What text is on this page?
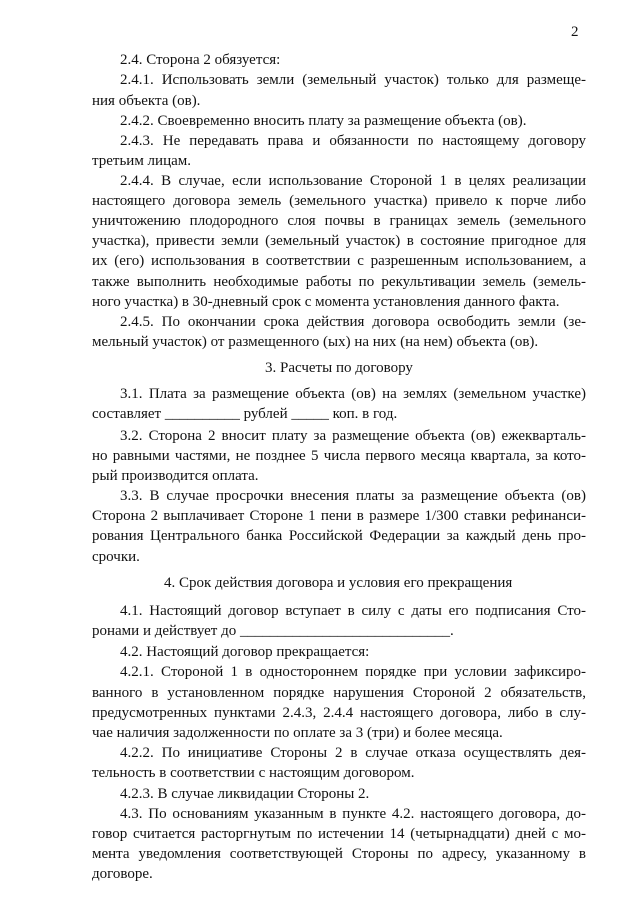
2
2.4. Сторона 2 обязуется:
2.4.1. Использовать земли (земельный участок) только для размеще-
ния объекта (ов).
2.4.2. Своевременно вносить плату за размещение объекта (ов).
2.4.3. Не передавать права и обязанности по настоящему договору
третьим лицам.
2.4.4. В случае, если использование Стороной 1 в целях реализации
настоящего договора земель (земельного участка) привело к порче либо
уничтожению плодородного слоя почвы в границах земель (земельного
участка), привести земли (земельный участок) в состояние пригодное для
их (его) использования в соответствии с разрешенным использованием, а
также выполнить необходимые работы по рекультивации земель (земель-
ного участка) в 30-дневный срок с момента установления данного факта.
2.4.5. По окончании срока действия договора освободить земли (зе-
мельный участок) от размещенного (ых) на них (на нем) объекта (ов).
3. Расчеты по договору
3.1. Плата за размещение объекта (ов) на землях (земельном участке)
составляет __________ рублей _____ коп. в год.
3.2. Сторона 2 вносит плату за размещение объекта (ов) ежекварталь-
но равными частями, не позднее 5 числа первого месяца квартала, за кото-
рый производится оплата.
3.3. В случае просрочки внесения платы за размещение объекта (ов)
Сторона 2 выплачивает Стороне 1 пени в размере 1/300 ставки рефинанси-
рования Центрального банка Российской Федерации за каждый день про-
срочки.
4. Срок действия договора и условия его прекращения
4.1. Настоящий договор вступает в силу с даты его подписания Сто-
ронами и действует до ____________________________.
4.2. Настоящий договор прекращается:
4.2.1. Стороной 1 в одностороннем порядке при условии зафиксиро-
ванного в установленном порядке нарушения Стороной 2 обязательств,
предусмотренных пунктами 2.4.3, 2.4.4 настоящего договора, либо в слу-
чае наличия задолженности по оплате за 3 (три) и более месяца.
4.2.2. По инициативе Стороны 2 в случае отказа осуществлять дея-
тельность в соответствии с настоящим договором.
4.2.3. В случае ликвидации Стороны 2.
4.3. По основаниям указанным в пункте 4.2. настоящего договора, до-
говор считается расторгнутым по истечении 14 (четырнадцати) дней с мо-
мента уведомления соответствующей Стороны по адресу, указанному в
договоре.
